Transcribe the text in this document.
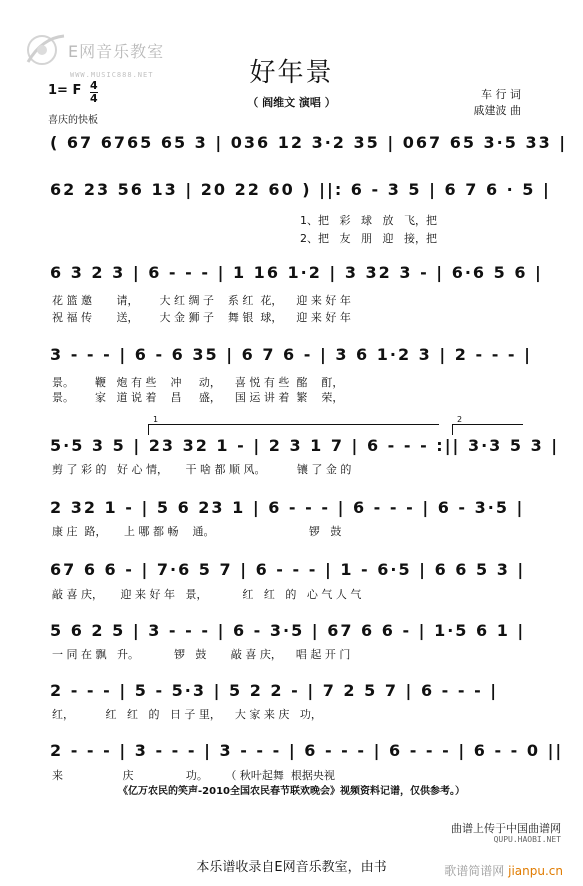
E网音乐教室
WWW.MUSIC888.NET	好年景
（ 阎维文 演唱 ）
车 行 词
戚建波 曲
1= F 4
4
喜庆的快板
( 67 6765 65 3 | 036 12 3·2 35 | 067 65 3·5 33 |
62 23 56 13 | 20 22 60 ) ||: 6 - 3 5 | 6 7 6 · 5 |
1、把   彩   球   放   飞，把
2、把   友   朋   迎   接，把
6 3 2 3 | 6 - - - | 1 16 1·2 | 3 32 3 - | 6·6 5 6 |
花 篮 邀       请，      大 红 绸 子    系 红  花，    迎 来 好 年
祝 福 传       送，      大 金 狮 子    舞 银  球，    迎 来 好 年
3 - - - | 6 - 6 35 | 6 7 6 - | 3 6 1·2 3 | 2 - - - |
景。      鞭   炮 有 些    冲     动，    喜 悦 有 些  酩    酊，
景。      家   道 说 着    昌     盛，    国 运 讲 着  繁    荣，
1	2
5·5 3 5 | 23 32 1 - | 2 3 1 7 | 6 - - - :|| 3·3 5 3 |
剪 了 彩 的   好 心 情，     干 啥 都 顺 风。         镶 了 金 的
2 32 1 - | 5 6 23 1 | 6 - - - | 6 - - - | 6 - 3·5 |
康 庄  路，     上 哪 都 畅    通。                           锣   鼓
67 6 6 - | 7·6 5 7 | 6 - - - | 1 - 6·5 | 6 6 5 3 |
敲 喜 庆，     迎 来 好 年   景，          红   红   的   心 气 人 气
5 6 2 5 | 3 - - - | 6 - 3·5 | 67 6 6 - | 1·5 6 1 |
一 同 在 飘   升。          锣   鼓       敲 喜 庆，    唱 起 开 门
2 - - - | 5 - 5·3 | 5 2 2 - | 7 2 5 7 | 6 - - - |
红，         红   红   的   日 子 里，    大 家 来 庆   功，
2 - - - | 3 - - - | 3 - - - | 6 - - - | 6 - - - | 6 - - 0 ||
来                 庆               功。     （ 秋叶起舞  根据央视
《亿万农民的笑声-2010全国农民春节联欢晚会》视频资料记谱，仅供参考。）
曲谱上传于中国曲谱网
QUPU.HAOBI.NET
本乐谱收录自E网音乐教室，由书	歌谱简谱网 jianpu.cn
